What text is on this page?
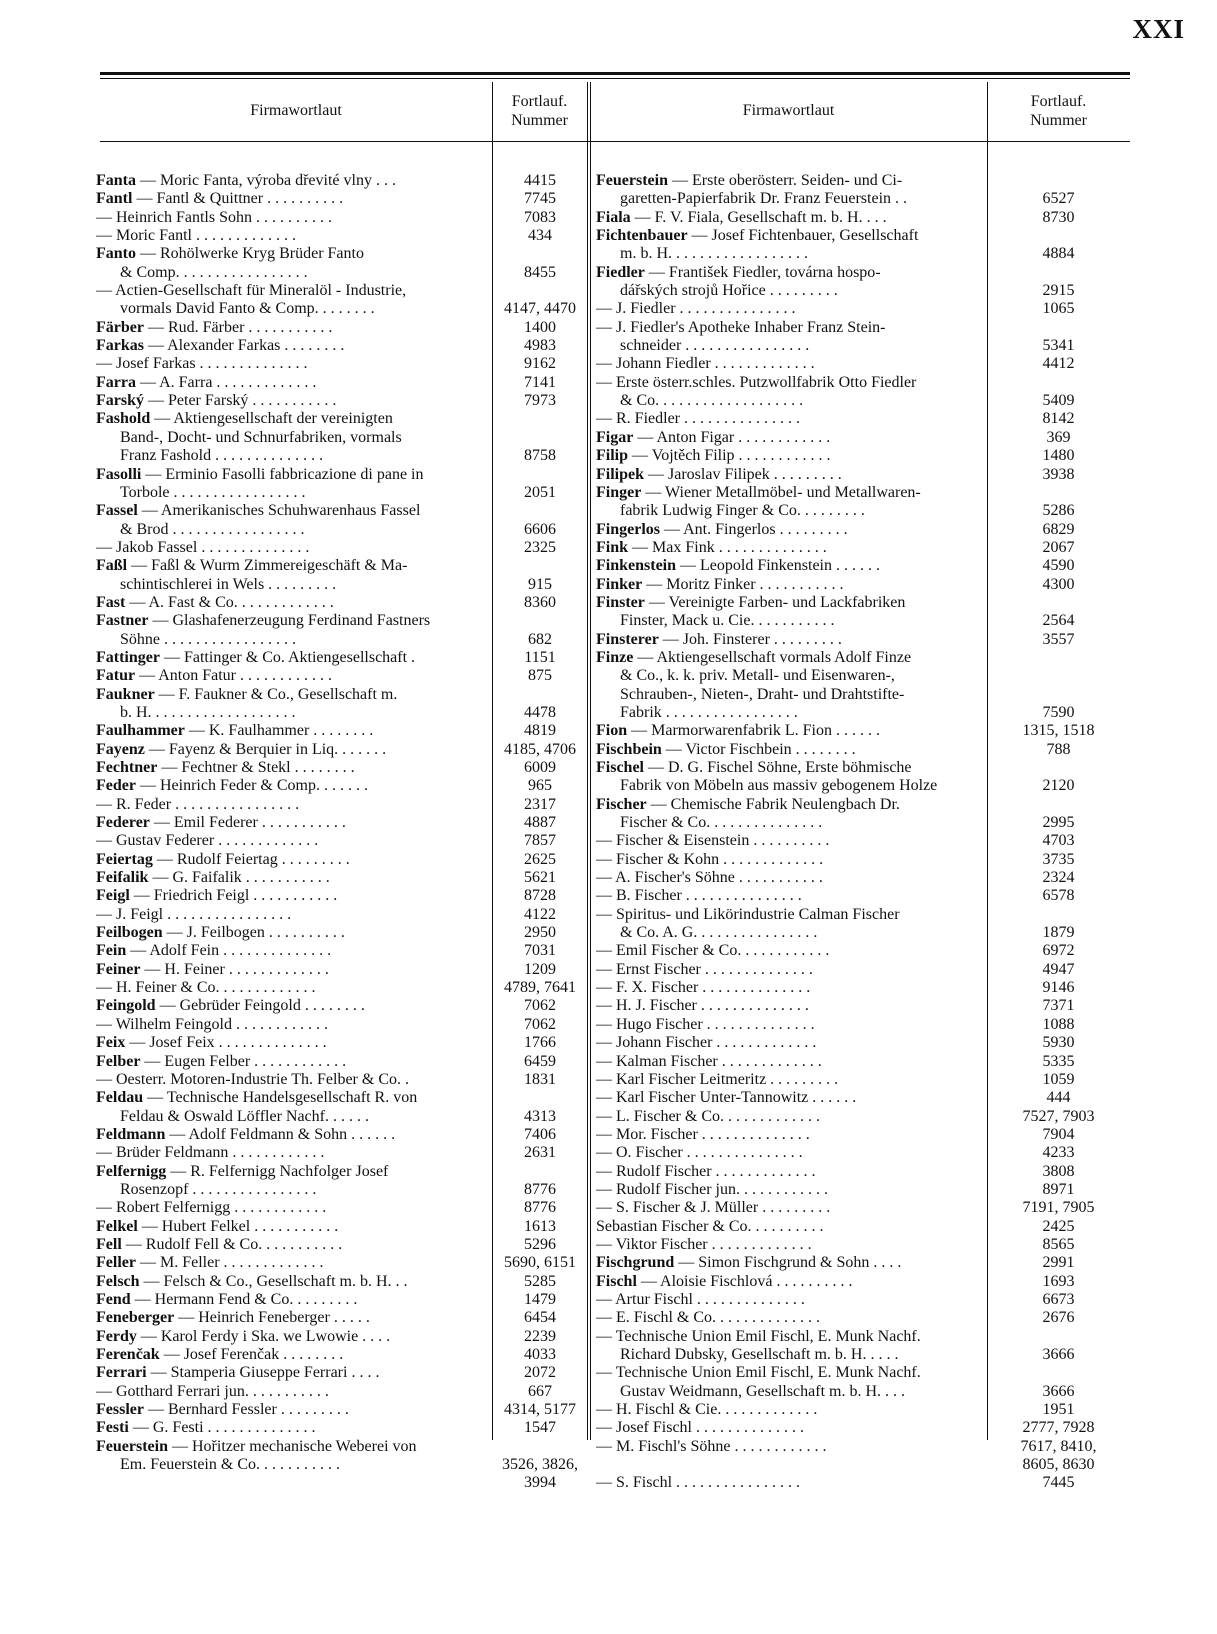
XXI
Firmawortlaut
Fortlauf.
Nummer
Firmawortlaut
Fortlauf.
Nummer
Fanta — Moric Fanta, výroba dřevité vlny . . .	4415
Fantl — Fantl & Quittner . . . . . . . . . .	7745
— Heinrich Fantls Sohn . . . . . . . . . .	7083
— Moric Fantl . . . . . . . . . . . . .	434
Fanto — Rohölwerke Kryg Brüder Fanto
& Comp. . . . . . . . . . . . . . . . .	8455
— Actien-Gesellschaft für Mineralöl - Industrie,
vormals David Fanto & Comp. . . . . . . .	4147, 4470
Färber — Rud. Färber . . . . . . . . . . .	1400
Farkas — Alexander Farkas . . . . . . . .	4983
— Josef Farkas . . . . . . . . . . . . . .	9162
Farra — A. Farra . . . . . . . . . . . . .	7141
Farský — Peter Farský . . . . . . . . . . .	7973
Fashold — Aktiengesellschaft der vereinigten
Band-, Docht- und Schnurfabriken, vormals
Franz Fashold . . . . . . . . . . . . . .	8758
Fasolli — Erminio Fasolli fabbricazione di pane in
Torbole . . . . . . . . . . . . . . . . .	2051
Fassel — Amerikanisches Schuhwarenhaus Fassel
& Brod . . . . . . . . . . . . . . . . .	6606
— Jakob Fassel . . . . . . . . . . . . . .	2325
Faßl — Faßl & Wurm Zimmereigeschäft & Ma-
schintischlerei in Wels . . . . . . . . .	915
Fast — A. Fast & Co. . . . . . . . . . . . .	8360
Fastner — Glashafenerzeugung Ferdinand Fastners
Söhne . . . . . . . . . . . . . . . . .	682
Fattinger — Fattinger & Co. Aktiengesellschaft .	1151
Fatur — Anton Fatur . . . . . . . . . . . .	875
Faukner — F. Faukner & Co., Gesellschaft m.
b. H. . . . . . . . . . . . . . . . . . .	4478
Faulhammer — K. Faulhammer . . . . . . . .	4819
Fayenz — Fayenz & Berquier in Liq. . . . . . .	4185, 4706
Fechtner — Fechtner & Stekl . . . . . . . .	6009
Feder — Heinrich Feder & Comp. . . . . . .	965
— R. Feder . . . . . . . . . . . . . . . .	2317
Federer — Emil Federer . . . . . . . . . . .	4887
— Gustav Federer . . . . . . . . . . . . .	7857
Feiertag — Rudolf Feiertag . . . . . . . . .	2625
Feifalik — G. Faifalik . . . . . . . . . . .	5621
Feigl — Friedrich Feigl . . . . . . . . . . .	8728
— J. Feigl . . . . . . . . . . . . . . . .	4122
Feilbogen — J. Feilbogen . . . . . . . . . .	2950
Fein — Adolf Fein . . . . . . . . . . . . . .	7031
Feiner — H. Feiner . . . . . . . . . . . . .	1209
— H. Feiner & Co. . . . . . . . . . . . .	4789, 7641
Feingold — Gebrüder Feingold . . . . . . . .	7062
— Wilhelm Feingold . . . . . . . . . . . .	7062
Feix — Josef Feix . . . . . . . . . . . . . .	1766
Felber — Eugen Felber . . . . . . . . . . . .	6459
— Oesterr. Motoren-Industrie Th. Felber & Co. .	1831
Feldau — Technische Handelsgesellschaft R. von
Feldau & Oswald Löffler Nachf. . . . . .	4313
Feldmann — Adolf Feldmann & Sohn . . . . . .	7406
— Brüder Feldmann . . . . . . . . . . . .	2631
Felfernigg — R. Felfernigg Nachfolger Josef
Rosenzopf . . . . . . . . . . . . . . . .	8776
— Robert Felfernigg . . . . . . . . . . . .	8776
Felkel — Hubert Felkel . . . . . . . . . . .	1613
Fell — Rudolf Fell & Co. . . . . . . . . . .	5296
Feller — M. Feller . . . . . . . . . . . . .	5690, 6151
Felsch — Felsch & Co., Gesellschaft m. b. H. . .	5285
Fend — Hermann Fend & Co. . . . . . . . .	1479
Feneberger — Heinrich Feneberger . . . . .	6454
Ferdy — Karol Ferdy i Ska. we Lwowie . . . .	2239
Ferenčak — Josef Ferenčak . . . . . . . .	4033
Ferrari — Stamperia Giuseppe Ferrari . . . .	2072
— Gotthard Ferrari jun. . . . . . . . . . .	667
Fessler — Bernhard Fessler . . . . . . . . .	4314, 5177
Festi — G. Festi . . . . . . . . . . . . . .	1547
Feuerstein — Hořitzer mechanische Weberei von
Em. Feuerstein & Co. . . . . . . . . . .	3526, 3826,
3994
Feuerstein — Erste oberösterr. Seiden- und Ci-
garetten-Papierfabrik Dr. Franz Feuerstein . .	6527
Fiala — F. V. Fiala, Gesellschaft m. b. H. . . .	8730
Fichtenbauer — Josef Fichtenbauer, Gesellschaft
m. b. H. . . . . . . . . . . . . . . . . .	4884
Fiedler — František Fiedler, továrna hospo-
dářských strojů Hořice . . . . . . . . .	2915
— J. Fiedler . . . . . . . . . . . . . . .	1065
— J. Fiedler's Apotheke Inhaber Franz Stein-
schneider . . . . . . . . . . . . . . . .	5341
— Johann Fiedler . . . . . . . . . . . . .	4412
— Erste österr.schles. Putzwollfabrik Otto Fiedler
& Co. . . . . . . . . . . . . . . . . . .	5409
— R. Fiedler . . . . . . . . . . . . . . .	8142
Figar — Anton Figar . . . . . . . . . . . .	369
Filip — Vojtěch Filip . . . . . . . . . . . .	1480
Filipek — Jaroslav Filipek . . . . . . . . .	3938
Finger — Wiener Metallmöbel- und Metallwaren-
fabrik Ludwig Finger & Co. . . . . . . . .	5286
Fingerlos — Ant. Fingerlos . . . . . . . . .	6829
Fink — Max Fink . . . . . . . . . . . . . .	2067
Finkenstein — Leopold Finkenstein . . . . . .	4590
Finker — Moritz Finker . . . . . . . . . . .	4300
Finster — Vereinigte Farben- und Lackfabriken
Finster, Mack u. Cie. . . . . . . . . . .	2564
Finsterer — Joh. Finsterer . . . . . . . . .	3557
Finze — Aktiengesellschaft vormals Adolf Finze
& Co., k. k. priv. Metall- und Eisenwaren-,
Schrauben-, Nieten-, Draht- und Drahtstifte-
Fabrik . . . . . . . . . . . . . . . . .	7590
Fion — Marmorwarenfabrik L. Fion . . . . . .	1315, 1518
Fischbein — Victor Fischbein . . . . . . . .	788
Fischel — D. G. Fischel Söhne, Erste böhmische
Fabrik von Möbeln aus massiv gebogenem Holze	2120
Fischer — Chemische Fabrik Neulengbach Dr.
Fischer & Co. . . . . . . . . . . . . . .	2995
— Fischer & Eisenstein . . . . . . . . . .	4703
— Fischer & Kohn . . . . . . . . . . . . .	3735
— A. Fischer's Söhne . . . . . . . . . . .	2324
— B. Fischer . . . . . . . . . . . . . . .	6578
— Spiritus- und Likörindustrie Calman Fischer
& Co. A. G. . . . . . . . . . . . . . . .	1879
— Emil Fischer & Co. . . . . . . . . . . .	6972
— Ernst Fischer . . . . . . . . . . . . . .	4947
— F. X. Fischer . . . . . . . . . . . . . .	9146
— H. J. Fischer . . . . . . . . . . . . . .	7371
— Hugo Fischer . . . . . . . . . . . . . .	1088
— Johann Fischer . . . . . . . . . . . . .	5930
— Kalman Fischer . . . . . . . . . . . . .	5335
— Karl Fischer Leitmeritz . . . . . . . . .	1059
— Karl Fischer Unter-Tannowitz . . . . . .	444
— L. Fischer & Co. . . . . . . . . . . . .	7527, 7903
— Mor. Fischer . . . . . . . . . . . . . .	7904
— O. Fischer . . . . . . . . . . . . . . .	4233
— Rudolf Fischer . . . . . . . . . . . . .	3808
— Rudolf Fischer jun. . . . . . . . . . . .	8971
— S. Fischer & J. Müller . . . . . . . . .	7191, 7905
Sebastian Fischer & Co. . . . . . . . . .	2425
— Viktor Fischer . . . . . . . . . . . . .	8565
Fischgrund — Simon Fischgrund & Sohn . . . .	2991
Fischl — Aloisie Fischlová . . . . . . . . . .	1693
— Artur Fischl . . . . . . . . . . . . . .	6673
— E. Fischl & Co. . . . . . . . . . . . . .	2676
— Technische Union Emil Fischl, E. Munk Nachf.
Richard Dubsky, Gesellschaft m. b. H. . . . .	3666
— Technische Union Emil Fischl, E. Munk Nachf.
Gustav Weidmann, Gesellschaft m. b. H. . . .	3666
— H. Fischl & Cie. . . . . . . . . . . . .	1951
— Josef Fischl . . . . . . . . . . . . . .	2777, 7928
— M. Fischl's Söhne . . . . . . . . . . . .	7617, 8410,
8605, 8630
— S. Fischl . . . . . . . . . . . . . . . .	7445
